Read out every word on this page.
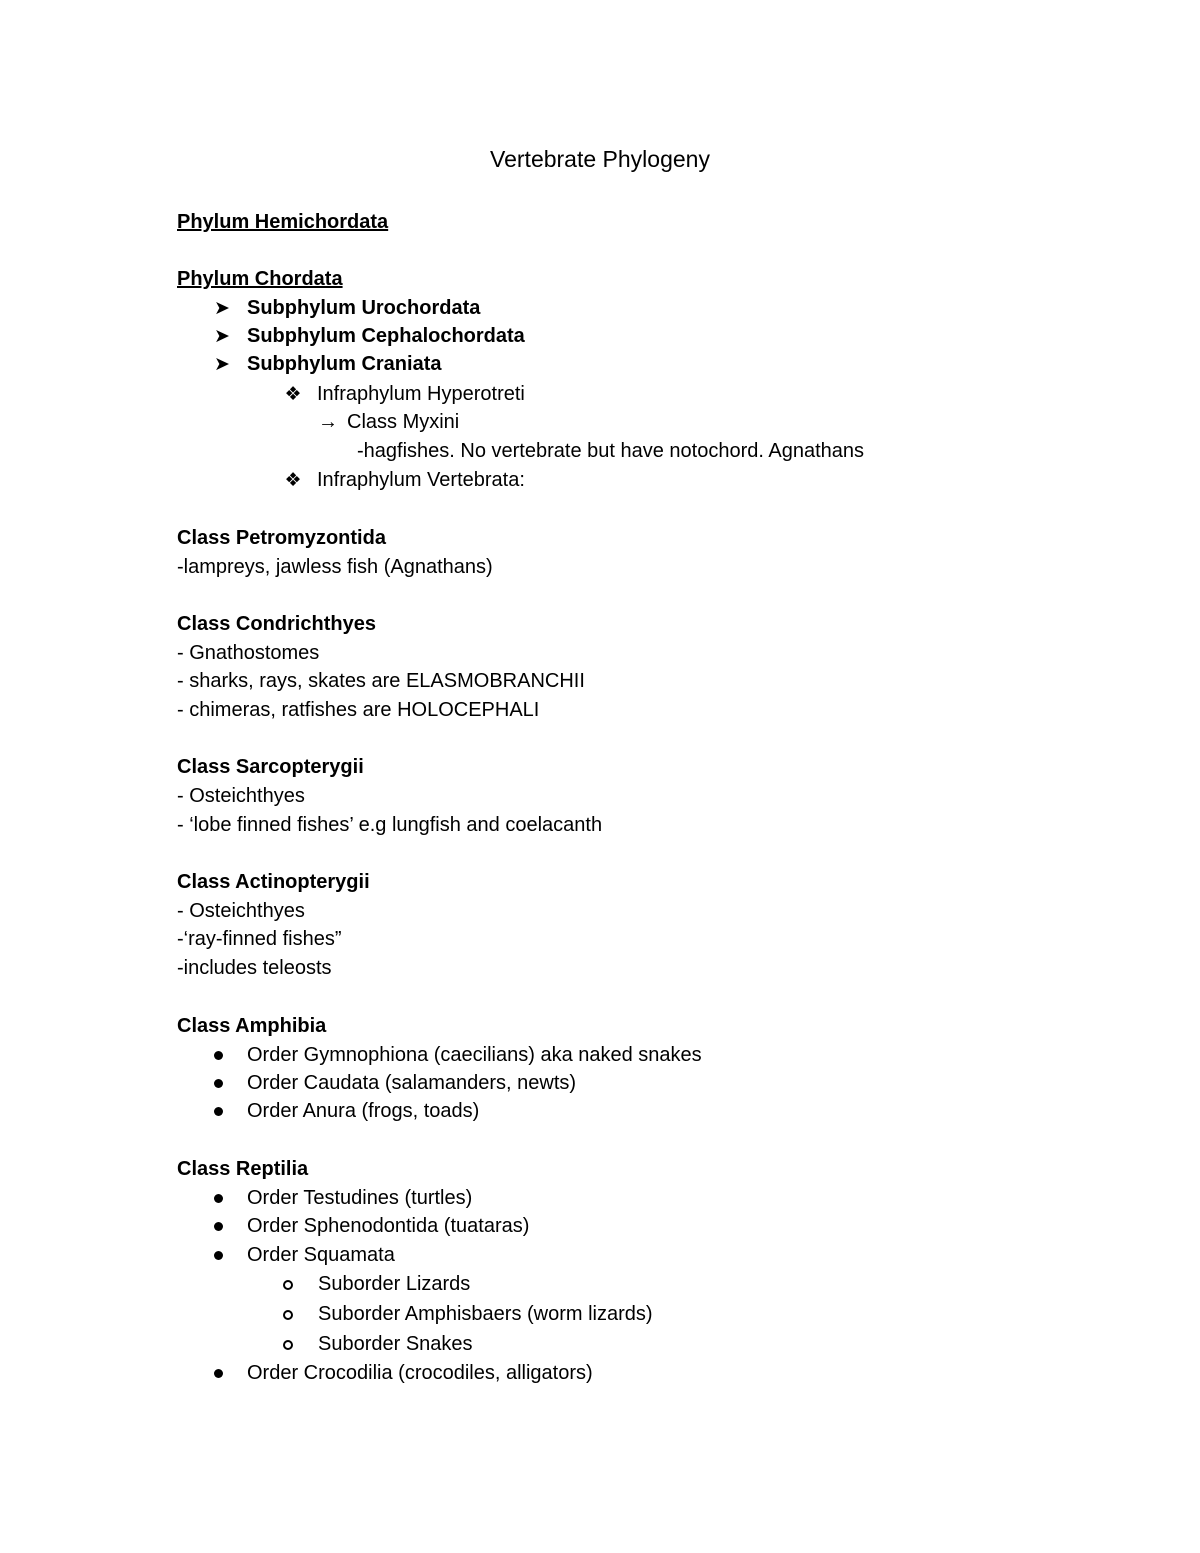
Vertebrate Phylogeny
Phylum Hemichordata
Phylum Chordata
➤ Subphylum Urochordata
➤ Subphylum Cephalochordata
➤ Subphylum Craniata
❖ Infraphylum Hyperotreti
→ Class Myxini
-hagfishes. No vertebrate but have notochord. Agnathans
❖ Infraphylum Vertebrata:
Class Petromyzontida
-lampreys, jawless fish (Agnathans)
Class Condrichthyes
- Gnathostomes
- sharks, rays, skates are ELASMOBRANCHII
- chimeras, ratfishes are HOLOCEPHALI
Class Sarcopterygii
- Osteichthyes
- ‘lobe finned fishes’ e.g lungfish and coelacanth
Class Actinopterygii
- Osteichthyes
-‘ray-finned fishes”
-includes teleosts
Class Amphibia
Order Gymnophiona (caecilians) aka naked snakes
Order Caudata (salamanders, newts)
Order Anura (frogs, toads)
Class Reptilia
Order Testudines (turtles)
Order Sphenodontida (tuataras)
Order Squamata
Suborder Lizards
Suborder Amphisbaers (worm lizards)
Suborder Snakes
Order Crocodilia (crocodiles, alligators)
